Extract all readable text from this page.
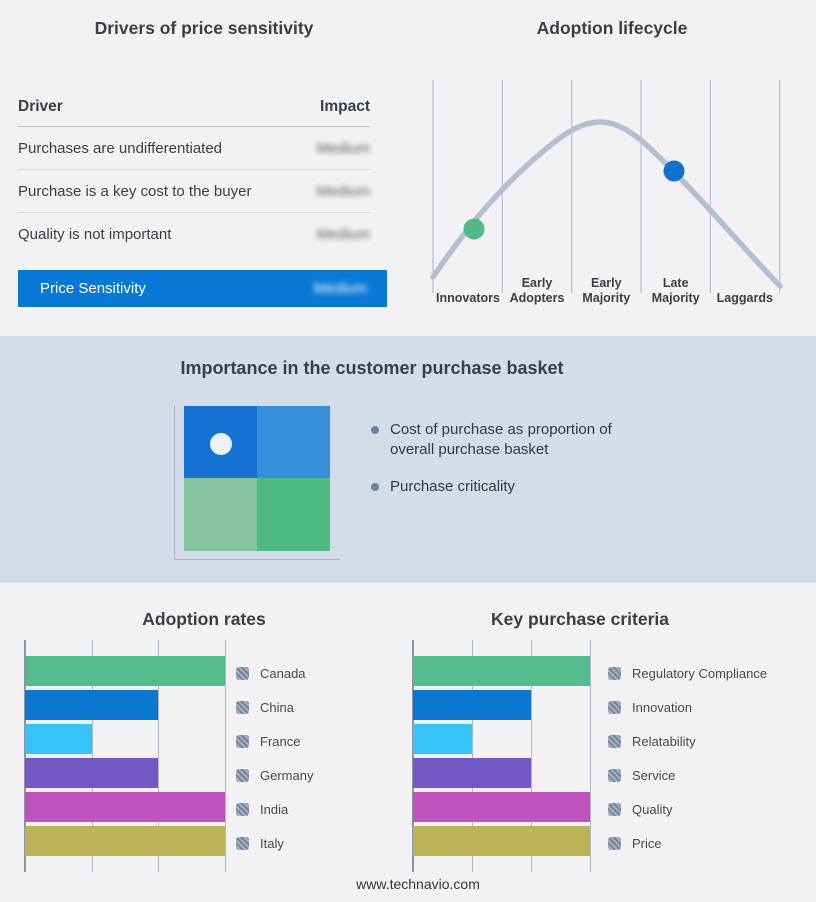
Drivers of price sensitivity
Driver	Impact
Purchases are undifferentiated	Medium
Purchase is a key cost to the buyer	Medium
Quality is not important	Medium
Price Sensitivity	Medium
Adoption lifecycle
Innovators
Early Adopters
Early Majority
Late Majority	Laggards
Importance in the customer purchase basket
Cost of purchase as proportion of overall purchase basket
Purchase criticality
Adoption rates
Canada
China
France
Germany
India
Italy
Key purchase criteria
Regulatory Compliance
Innovation
Relatability
Service
Quality
Price
www.technavio.com
